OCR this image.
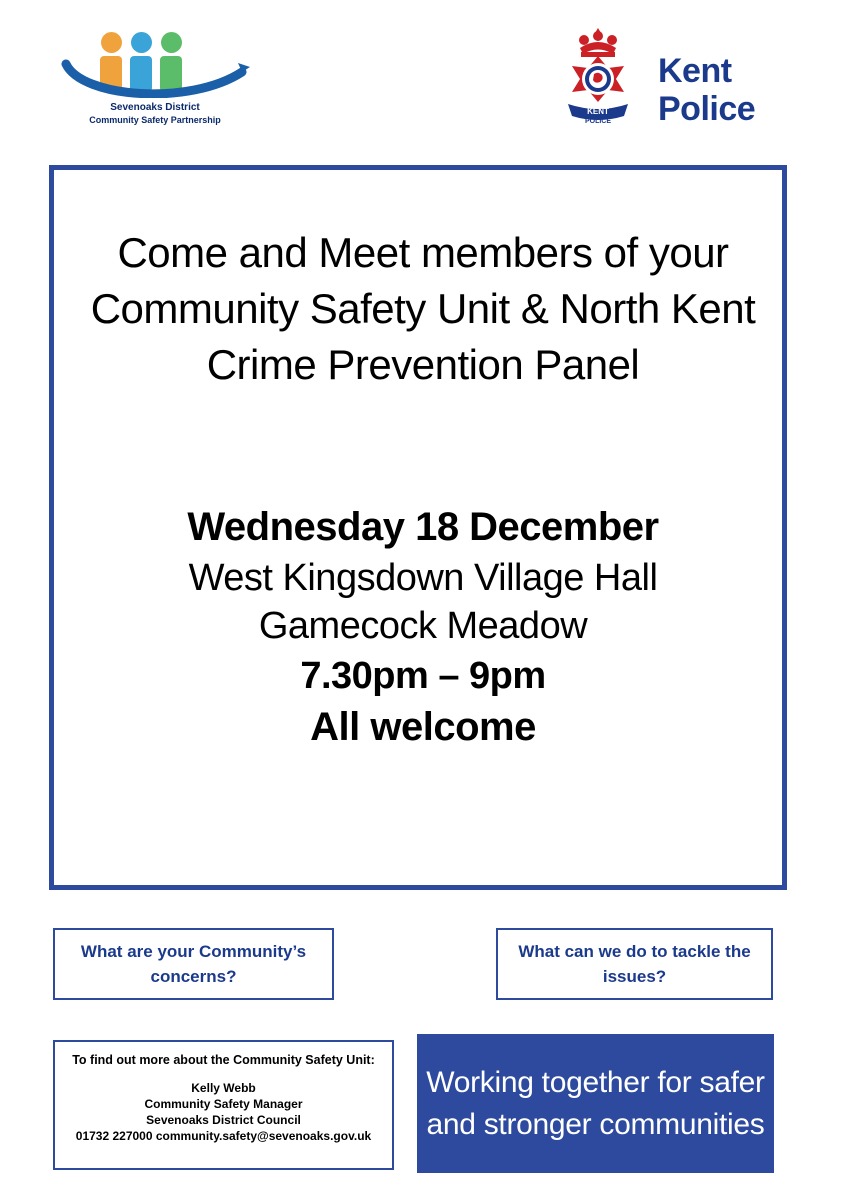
Sevenoaks District
Community Safety Partnership
KENT
POLICE
Kent
Police
Come and Meet members of your Community Safety Unit & North Kent Crime Prevention Panel
Wednesday 18 December
West Kingsdown Village Hall
Gamecock Meadow
7.30pm – 9pm
All welcome
What are your Community’s concerns?
What can we do to tackle the issues?
To find out more about the Community Safety Unit:
Kelly Webb
Community Safety Manager
Sevenoaks District Council
01732 227000 community.safety@sevenoaks.gov.uk
Working together for safer and stronger communities
